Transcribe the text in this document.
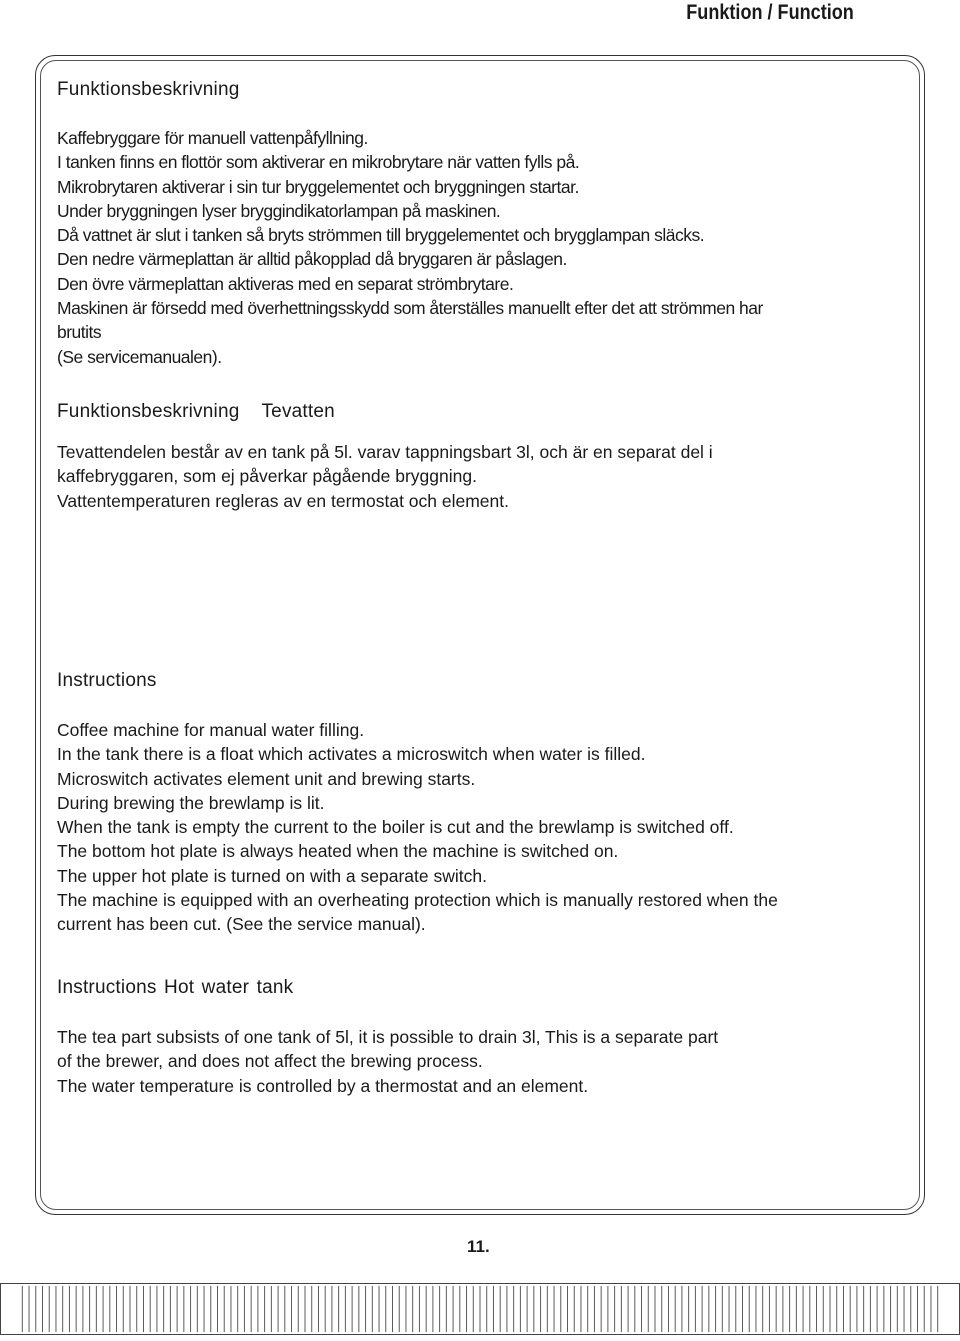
Funktion / Function
Funktionsbeskrivning
Kaffebryggare för manuell vattenpåfyllning.
I tanken finns en flottör som aktiverar en mikrobrytare när vatten fylls på.
Mikrobrytaren aktiverar i sin tur bryggelementet och bryggningen startar.
Under bryggningen lyser bryggindikatorlampan på maskinen.
Då vattnet är slut i tanken så bryts strömmen till bryggelementet och brygglampan släcks.
Den nedre värmeplattan är alltid påkopplad då bryggaren är påslagen.
Den övre värmeplattan aktiveras med en separat strömbrytare.
Maskinen är försedd med överhettningsskydd som återställes manuellt efter det att strömmen har
brutits
(Se servicemanualen).
Funktionsbeskrivning Tevatten
Tevattendelen består av en tank på 5l. varav tappningsbart 3l, och är en separat del i
kaffebryggaren, som ej påverkar pågående bryggning.
Vattentemperaturen regleras av en termostat och element.
Instructions
Coffee machine for manual water filling.
In the tank there is a float which activates a microswitch when water is filled.
Microswitch activates element unit and brewing starts.
During brewing the brewlamp is lit.
When the tank is empty the current to the boiler is cut and the brewlamp is switched off.
The bottom hot plate is always heated when the machine is switched on.
The upper hot plate is turned on with a separate switch.
The machine is equipped with an overheating protection which is manually restored when the
current has been cut. (See the service manual).
Instructions Hot water tank
The tea part subsists of one tank of 5l, it is possible to drain 3l, This is a separate part
of the brewer, and does not affect the brewing process.
The water temperature is controlled by a thermostat and an element.
11.
